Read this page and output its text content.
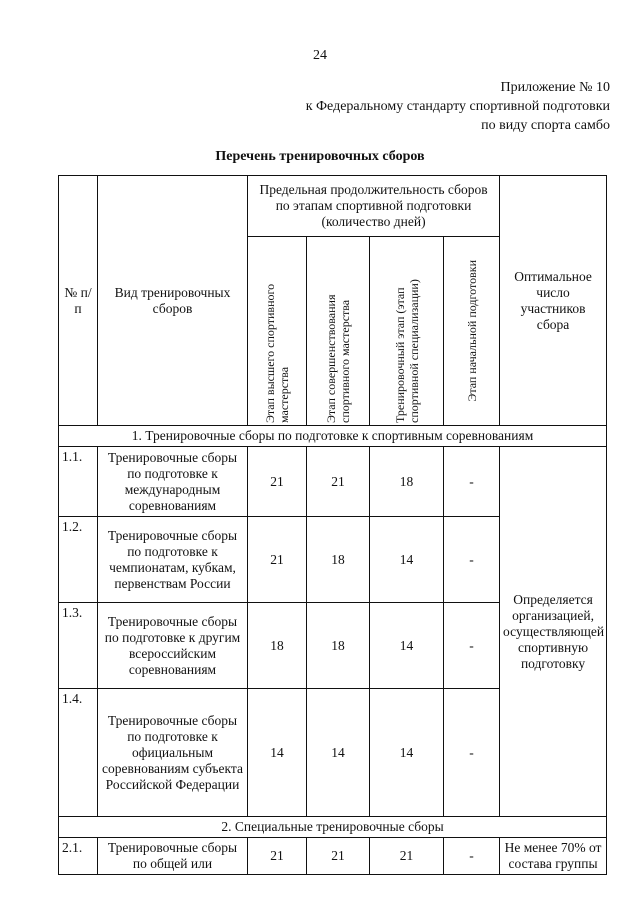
24
Приложение № 10
к Федеральному стандарту спортивной подготовки
по виду спорта самбо
Перечень тренировочных сборов
№ п/п	Вид тренировочных сборов	Предельная продолжительность сборов по этапам спортивной подготовки (количество дней)				Оптимальное число участников сбора

		Этап высшего спортивного мастерства	Этап совершенствования спортивного мастерства	Тренировочный этап (этап спортивной специализации)	Этап начальной подготовки	

1. Тренировочные сборы по подготовке к спортивным соревнованиям						
1.1.	Тренировочные сборы по подготовке к международным соревнованиям	21	21	18	-	Определяется организацией, осуществляющей спортивную подготовку
1.2.	Тренировочные сборы по подготовке к чемпионатам, кубкам, первенствам России	21	18	14	-	
1.3.	Тренировочные сборы по подготовке к другим всероссийским соревнованиям	18	18	14	-	
1.4.	Тренировочные сборы по подготовке к официальным соревнованиям субъекта Российской Федерации	14	14	14	-	
2. Специальные тренировочные сборы						
2.1.	Тренировочные сборы по общей или	21	21	21	-	Не менее 70% от состава группы
